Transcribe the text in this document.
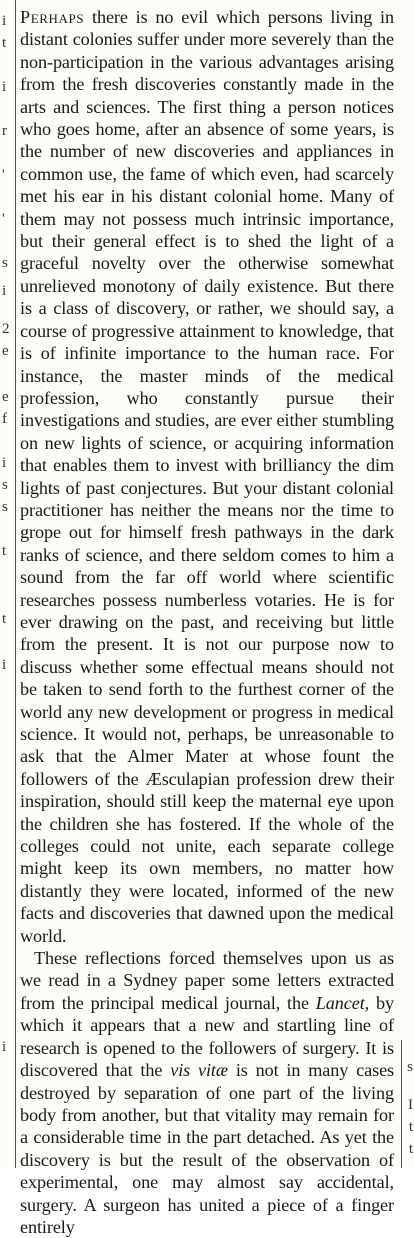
i
t
i
r
'
'
s
i
2
e
e
f
i
s
s
t
t
i
i
s
I
t
t

Perhaps there is no evil which persons living in distant colonies suffer under more severely than the non-participation in the various advantages arising from the fresh discoveries constantly made in the arts and sciences. The first thing a person notices who goes home, after an absence of some years, is the number of new discoveries and appliances in common use, the fame of which even, had scarcely met his ear in his distant colonial home. Many of them may not possess much intrinsic importance, but their general effect is to shed the light of a graceful novelty over the otherwise somewhat unrelieved monotony of daily existence. But there is a class of discovery, or rather, we should say, a course of progressive attainment to knowledge, that is of infinite importance to the human race. For instance, the master minds of the medical profession, who constantly pursue their investigations and studies, are ever either stumbling on new lights of science, or acquiring information that enables them to invest with brilliancy the dim lights of past conjectures. But your distant colonial practitioner has neither the means nor the time to grope out for himself fresh pathways in the dark ranks of science, and there seldom comes to him a sound from the far off world where scientific researches possess numberless votaries. He is for ever drawing on the past, and receiving but little from the present. It is not our purpose now to discuss whether some effectual means should not be taken to send forth to the furthest corner of the world any new development or progress in medical science. It would not, perhaps, be unreasonable to ask that the Almer Mater at whose fount the followers of the Æsculapian profession drew their inspiration, should still keep the maternal eye upon the children she has fostered. If the whole of the colleges could not unite, each separate college might keep its own members, no matter how distantly they were located, informed of the new facts and discoveries that dawned upon the medical world.

These reflections forced themselves upon us as we read in a Sydney paper some letters extracted from the principal medical journal, the Lancet, by which it appears that a new and startling line of research is opened to the followers of surgery. It is discovered that the vis vitæ is not in many cases destroyed by separation of one part of the living body from another, but that vitality may remain for a considerable time in the part detached. As yet the discovery is but the result of the observation of experimental, one may almost say accidental, surgery. A surgeon has united a piece of a finger entirely
